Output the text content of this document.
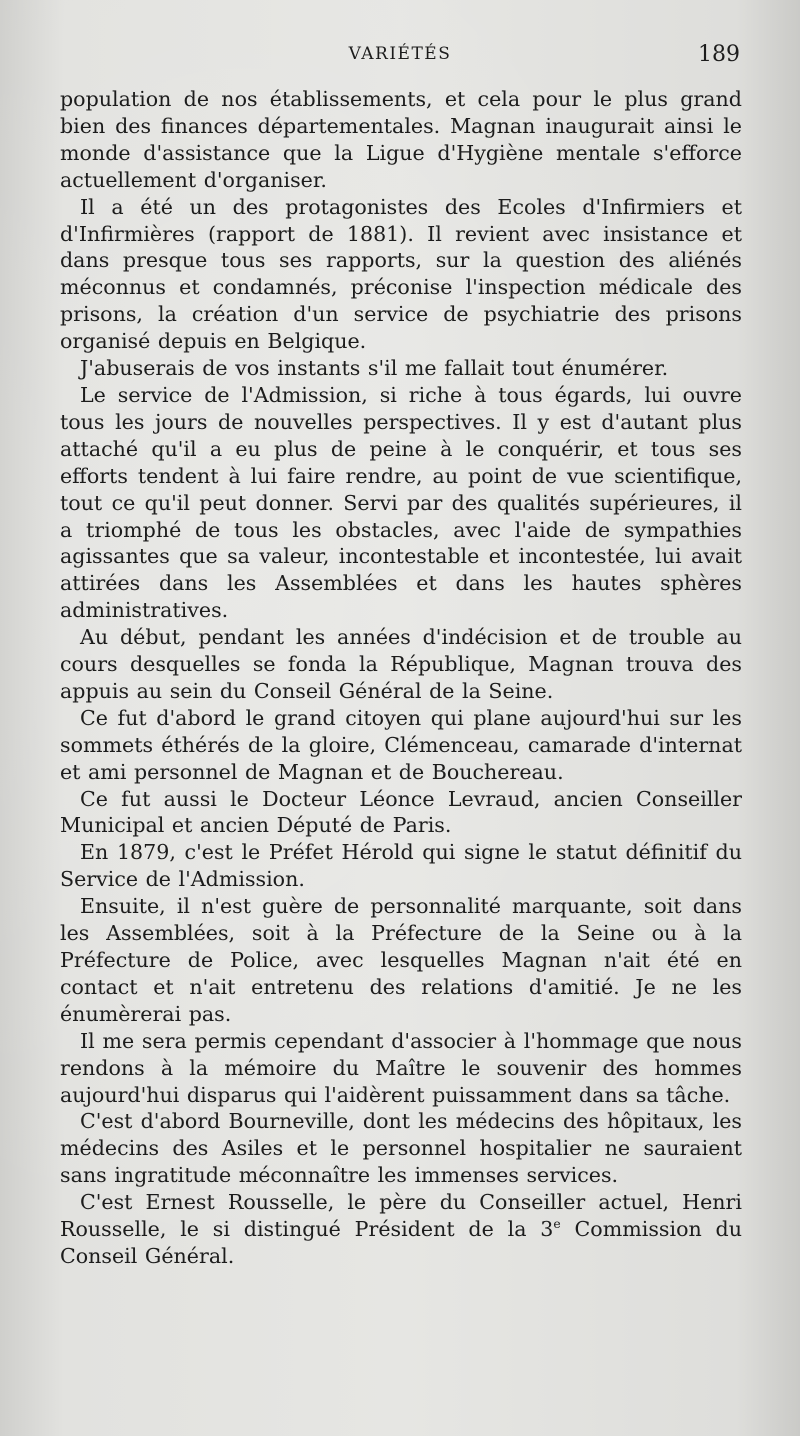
VARIÉTÉS	189

population de nos établissements, et cela pour le plus grand bien des finances départementales. Magnan inaugurait ainsi le monde d'assistance que la Ligue d'Hygiène mentale s'efforce actuellement d'organiser.

Il a été un des protagonistes des Ecoles d'Infirmiers et d'Infirmières (rapport de 1881). Il revient avec insistance et dans presque tous ses rapports, sur la question des aliénés méconnus et condamnés, préconise l'inspection médicale des prisons, la création d'un service de psychiatrie des prisons organisé depuis en Belgique.

J'abuserais de vos instants s'il me fallait tout énumérer.

Le service de l'Admission, si riche à tous égards, lui ouvre tous les jours de nouvelles perspectives. Il y est d'autant plus attaché qu'il a eu plus de peine à le conquérir, et tous ses efforts tendent à lui faire rendre, au point de vue scientifique, tout ce qu'il peut donner. Servi par des qualités supérieures, il a triomphé de tous les obstacles, avec l'aide de sympathies agissantes que sa valeur, incontestable et incontestée, lui avait attirées dans les Assemblées et dans les hautes sphères administratives.

Au début, pendant les années d'indécision et de trouble au cours desquelles se fonda la République, Magnan trouva des appuis au sein du Conseil Général de la Seine.

Ce fut d'abord le grand citoyen qui plane aujourd'hui sur les sommets éthérés de la gloire, Clémenceau, camarade d'internat et ami personnel de Magnan et de Bouchereau.

Ce fut aussi le Docteur Léonce Levraud, ancien Conseiller Municipal et ancien Député de Paris.

En 1879, c'est le Préfet Hérold qui signe le statut définitif du Service de l'Admission.

Ensuite, il n'est guère de personnalité marquante, soit dans les Assemblées, soit à la Préfecture de la Seine ou à la Préfecture de Police, avec lesquelles Magnan n'ait été en contact et n'ait entretenu des relations d'amitié. Je ne les énumèrerai pas.

Il me sera permis cependant d'associer à l'hommage que nous rendons à la mémoire du Maître le souvenir des hommes aujourd'hui disparus qui l'aidèrent puissamment dans sa tâche.

C'est d'abord Bourneville, dont les médecins des hôpitaux, les médecins des Asiles et le personnel hospitalier ne sauraient sans ingratitude méconnaître les immenses services.

C'est Ernest Rousselle, le père du Conseiller actuel, Henri Rousselle, le si distingué Président de la 3e Commission du Conseil Général.
